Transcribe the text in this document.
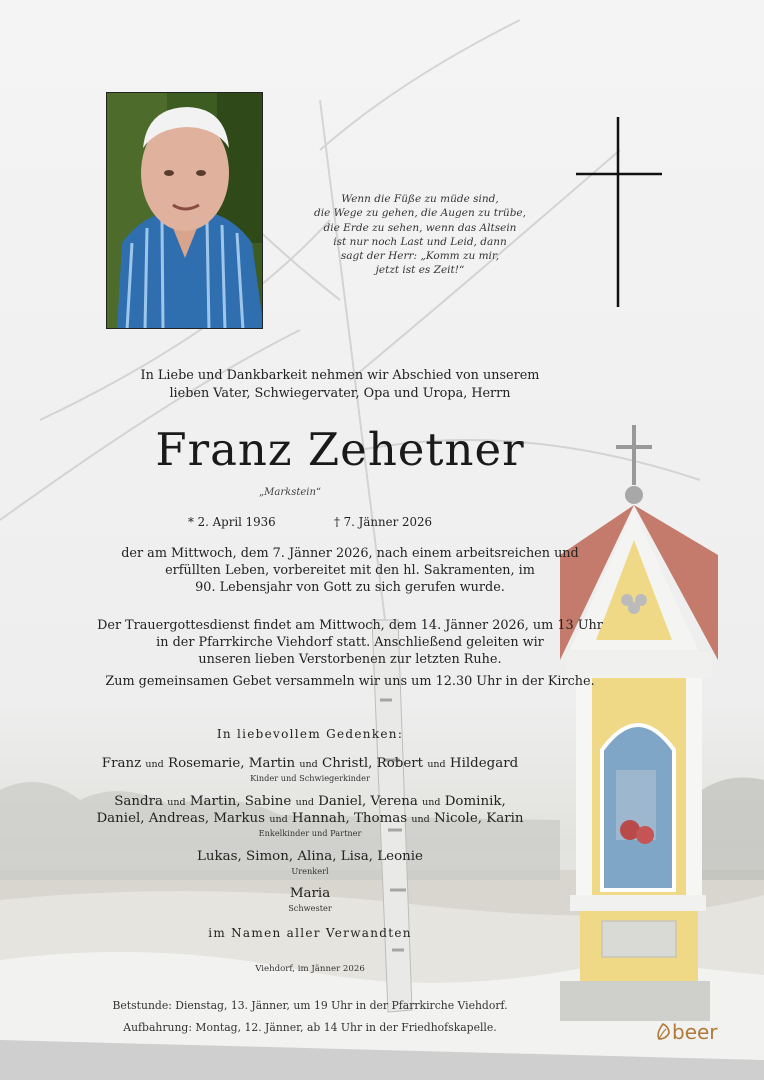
Wenn die Füße zu müde sind,
die Wege zu gehen, die Augen zu trübe,
die Erde zu sehen, wenn das Altsein
ist nur noch Last und Leid, dann
sagt der Herr: „Komm zu mir,
jetzt ist es Zeit!“
In Liebe und Dankbarkeit nehmen wir Abschied von unserem
lieben Vater, Schwiegervater, Opa und Uropa, Herrn
Franz Zehetner
„Markstein“
* 2. April 1936	† 7. Jänner 2026
der am Mittwoch, dem 7. Jänner 2026, nach einem arbeitsreichen und
erfüllten Leben, vorbereitet mit den hl. Sakramenten, im
90. Lebensjahr von Gott zu sich gerufen wurde.
Der Trauergottesdienst findet am Mittwoch, dem 14. Jänner 2026, um 13 Uhr
in der Pfarrkirche Viehdorf statt. Anschließend geleiten wir
unseren lieben Verstorbenen zur letzten Ruhe.
Zum gemeinsamen Gebet versammeln wir uns um 12.30 Uhr in der Kirche.
In liebevollem Gedenken:
Franz und Rosemarie, Martin und Christl, Robert und Hildegard
Kinder und Schwiegerkinder
Sandra und Martin, Sabine und Daniel, Verena und Dominik,
Daniel, Andreas, Markus und Hannah, Thomas und Nicole, Karin
Enkelkinder und Partner
Lukas, Simon, Alina, Lisa, Leonie
Urenkerl
Maria
Schwester
im Namen aller Verwandten
Viehdorf, im Jänner 2026
Betstunde: Dienstag, 13. Jänner, um 19 Uhr in der Pfarrkirche Viehdorf.
Aufbahrung: Montag, 12. Jänner, ab 14 Uhr in der Friedhofskapelle.	beer
